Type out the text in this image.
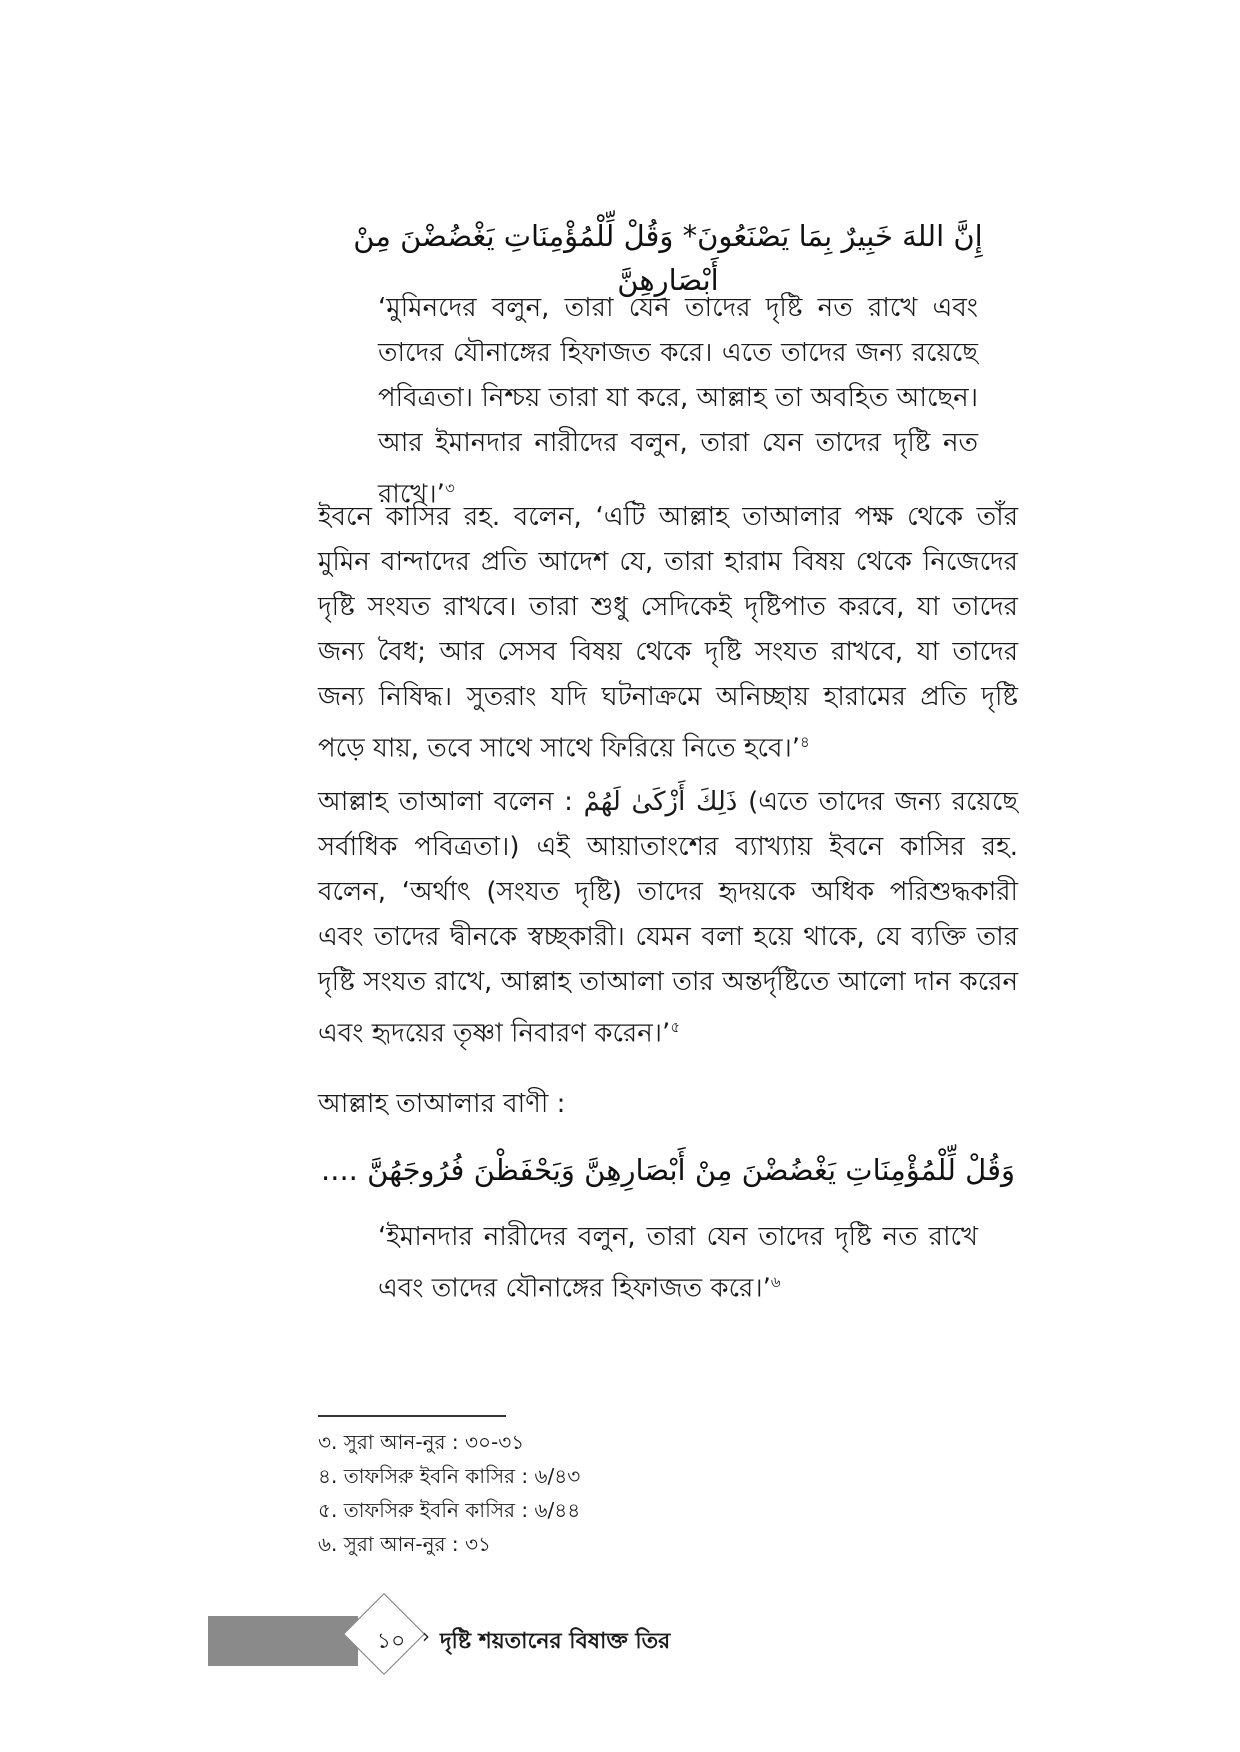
إِنَّ اللهَ خَبِيرٌ بِمَا يَصْنَعُونَ* وَقُلْ لِّلْمُؤْمِنَاتِ يَغْضُضْنَ مِنْ أَبْصَارِهِنَّ
‘মুমিনদের বলুন, তারা যেন তাদের দৃষ্টি নত রাখে এবং তাদের যৌনাঙ্গের হিফাজত করে। এতে তাদের জন্য রয়েছে পবিত্রতা। নিশ্চয় তারা যা করে, আল্লাহ তা অবহিত আছেন। আর ইমানদার নারীদের বলুন, তারা যেন তাদের দৃষ্টি নত রাখে।’$^৩$
ইবনে কাসির রহ. বলেন, ‘এটি আল্লাহ তাআলার পক্ষ থেকে তাঁর মুমিন বান্দাদের প্রতি আদেশ যে, তারা হারাম বিষয় থেকে নিজেদের দৃষ্টি সংযত রাখবে। তারা শুধু সেদিকেই দৃষ্টিপাত করবে, যা তাদের জন্য বৈধ; আর সেসব বিষয় থেকে দৃষ্টি সংযত রাখবে, যা তাদের জন্য নিষিদ্ধ। সুতরাং যদি ঘটনাক্রমে অনিচ্ছায় হারামের প্রতি দৃষ্টি পড়ে যায়, তবে সাথে সাথে ফিরিয়ে নিতে হবে।’$^৪$
আল্লাহ তাআলা বলেন : ذَلِكَ أَزْكَىٰ لَهُمْ (এতে তাদের জন্য রয়েছে সর্বাধিক পবিত্রতা।) এই আয়াতাংশের ব্যাখ্যায় ইবনে কাসির রহ. বলেন, ‘অর্থাৎ (সংযত দৃষ্টি) তাদের হৃদয়কে অধিক পরিশুদ্ধকারী এবং তাদের দ্বীনকে স্বচ্ছকারী। যেমন বলা হয়ে থাকে, যে ব্যক্তি তার দৃষ্টি সংযত রাখে, আল্লাহ তাআলা তার অন্তর্দৃষ্টিতে আলো দান করেন এবং হৃদয়ের তৃষ্ণা নিবারণ করেন।’$^৫$
আল্লাহ তাআলার বাণী :
وَقُلْ لِّلْمُؤْمِنَاتِ يَغْضُضْنَ مِنْ أَبْصَارِهِنَّ وَيَحْفَظْنَ فُرُوجَهُنَّ ....
‘ইমানদার নারীদের বলুন, তারা যেন তাদের দৃষ্টি নত রাখে এবং তাদের যৌনাঙ্গের হিফাজত করে।’$^৬$
৩. সুরা আন-নুর : ৩০-৩১
৪. তাফসিরু ইবনি কাসির : ৬/৪৩
৫. তাফসিরু ইবনি কাসির : ৬/৪৪
৬. সুরা আন-নুর : ৩১
১০ › দৃষ্টি শয়তানের বিষাক্ত তির
